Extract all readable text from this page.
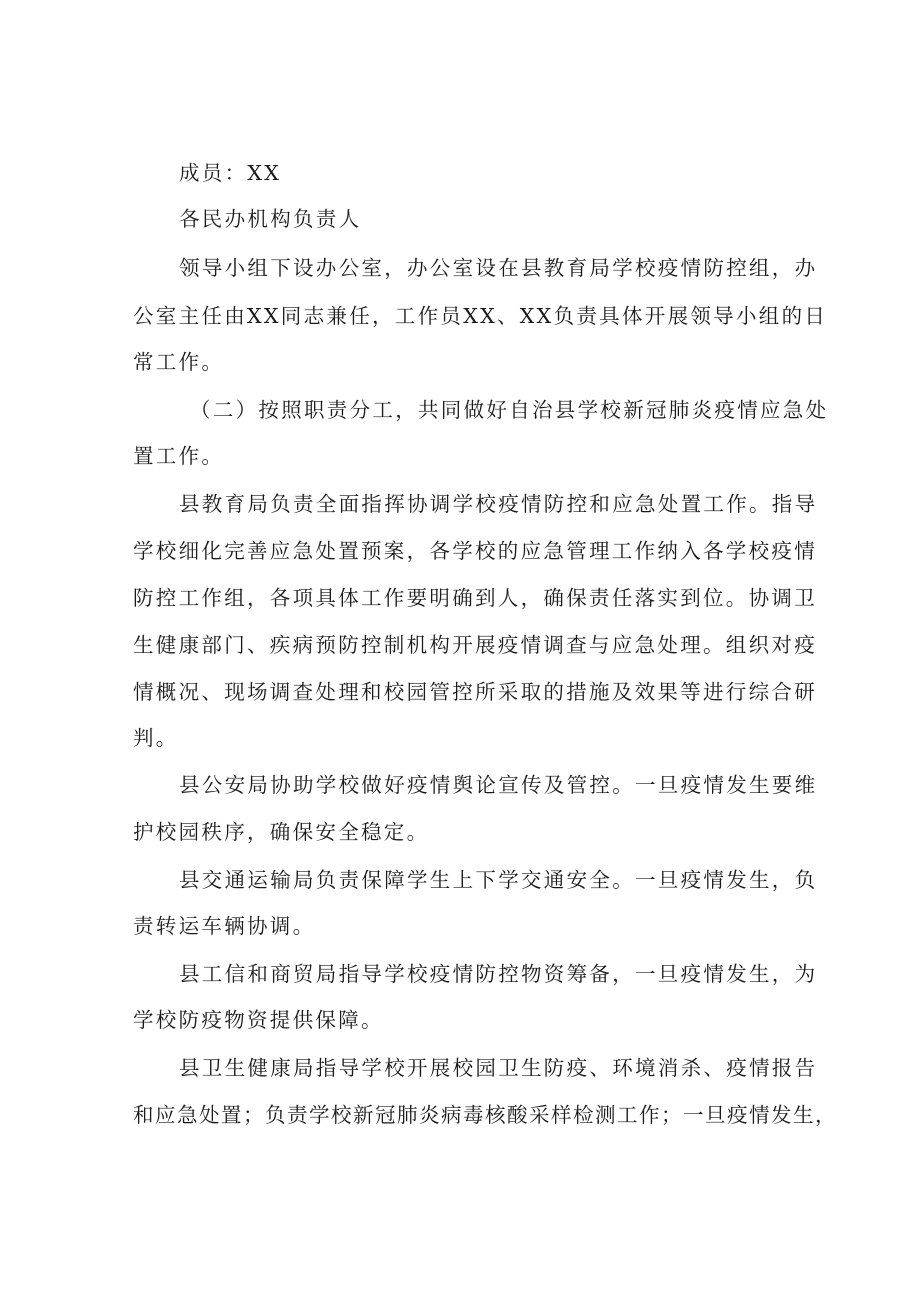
成员：XX
各民办机构负责人
领导小组下设办公室，办公室设在县教育局学校疫情防控组，办
公室主任由XX同志兼任，工作员XX、XX负责具体开展领导小组的日
常工作。
（二）按照职责分工，共同做好自治县学校新冠肺炎疫情应急处
置工作。
县教育局负责全面指挥协调学校疫情防控和应急处置工作。指导
学校细化完善应急处置预案，各学校的应急管理工作纳入各学校疫情
防控工作组，各项具体工作要明确到人，确保责任落实到位。协调卫
生健康部门、疾病预防控制机构开展疫情调查与应急处理。组织对疫
情概况、现场调查处理和校园管控所采取的措施及效果等进行综合研
判。
县公安局协助学校做好疫情舆论宣传及管控。一旦疫情发生要维
护校园秩序，确保安全稳定。
县交通运输局负责保障学生上下学交通安全。一旦疫情发生，负
责转运车辆协调。
县工信和商贸局指导学校疫情防控物资筹备，一旦疫情发生，为
学校防疫物资提供保障。
县卫生健康局指导学校开展校园卫生防疫、环境消杀、疫情报告
和应急处置；负责学校新冠肺炎病毒核酸采样检测工作；一旦疫情发生，
